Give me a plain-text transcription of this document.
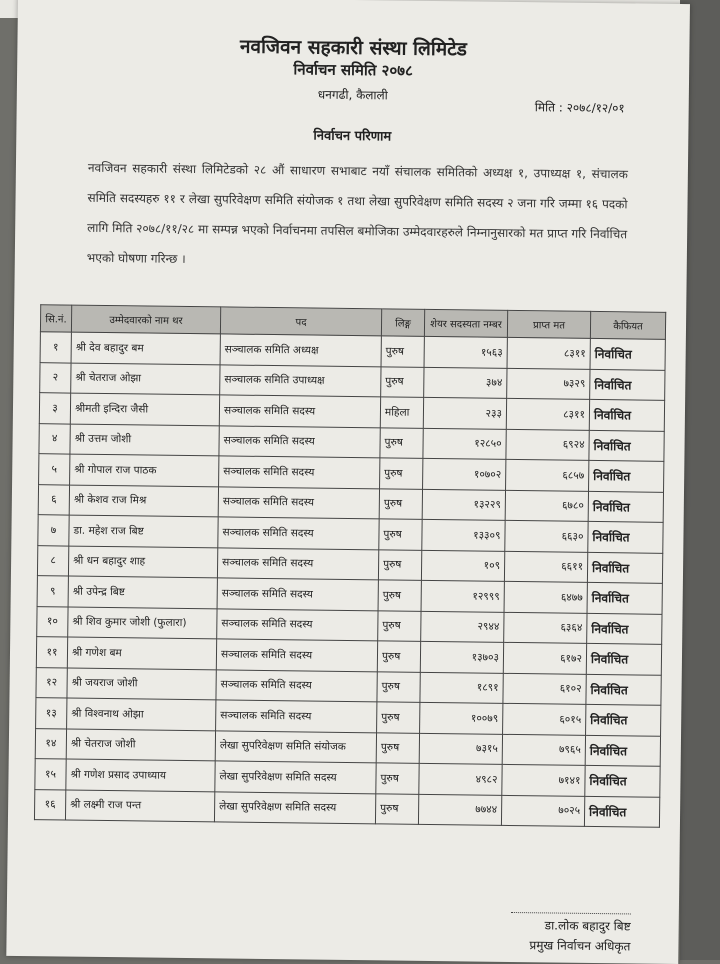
नवजिवन सहकारी संस्था लिमिटेड
निर्वाचन समिति २०७८
धनगढी, कैलाली
मिति : २०७८/१२/०१
निर्वाचन परिणाम
नवजिवन सहकारी संस्था लिमिटेडको २८ औं साधारण सभाबाट नयाँ संचालक समितिको अध्यक्ष १, उपाध्यक्ष १, संचालक समिति सदस्यहरु ११ र लेखा सुपरिवेक्षण समिति संयोजक १ तथा लेखा सुपरिवेक्षण समिति सदस्य २ जना गरि जम्मा १६ पदको लागि मिति २०७८/११/२८ मा सम्पन्न भएको निर्वाचनमा तपसिल बमोजिका उम्मेदवारहरुले निम्नानुसारको मत प्राप्त गरि निर्वाचित भएको घोषणा गरिन्छ ।
सि.नं.	उम्मेदवारको नाम थर	पद	लिङ्ग	शेयर सदस्यता नम्बर	प्राप्त मत	कैफियत
१	श्री देव बहादुर बम	सञ्चालक समिति अध्यक्ष	पुरुष	१५६३	८३११	निर्वाचित
२	श्री चेतराज ओझा	सञ्चालक समिति उपाध्यक्ष	पुरुष	३७४	७३२९	निर्वाचित
३	श्रीमती इन्दिरा जैसी	सञ्चालक समिति सदस्य	महिला	२३३	८३११	निर्वाचित
४	श्री उत्तम जोशी	सञ्चालक समिति सदस्य	पुरुष	१२८५०	६९२४	निर्वाचित
५	श्री गोपाल राज पाठक	सञ्चालक समिति सदस्य	पुरुष	१०७०२	६८५७	निर्वाचित
६	श्री केशव राज मिश्र	सञ्चालक समिति सदस्य	पुरुष	१३२२९	६७८०	निर्वाचित
७	डा. महेश राज बिष्ट	सञ्चालक समिति सदस्य	पुरुष	१३३०९	६६३०	निर्वाचित
८	श्री धन बहादुर शाह	सञ्चालक समिति सदस्य	पुरुष	१०९	६६११	निर्वाचित
९	श्री उपेन्द्र बिष्ट	सञ्चालक समिति सदस्य	पुरुष	१२९९९	६४७७	निर्वाचित
१०	श्री शिव कुमार जोशी (फुलारा)	सञ्चालक समिति सदस्य	पुरुष	२९४४	६३६४	निर्वाचित
११	श्री गणेश बम	सञ्चालक समिति सदस्य	पुरुष	१३७०३	६१७२	निर्वाचित
१२	श्री जयराज जोशी	सञ्चालक समिति सदस्य	पुरुष	१८९१	६१०२	निर्वाचित
१३	श्री विश्वनाथ ओझा	सञ्चालक समिति सदस्य	पुरुष	१००७९	६०१५	निर्वाचित
१४	श्री चेतराज जोशी	लेखा सुपरिवेक्षण समिति संयोजक	पुरुष	७३१५	७९६५	निर्वाचित
१५	श्री गणेश प्रसाद उपाध्याय	लेखा सुपरिवेक्षण समिति सदस्य	पुरुष	४९८२	७१४१	निर्वाचित
१६	श्री लक्ष्मी राज पन्त	लेखा सुपरिवेक्षण समिति सदस्य	पुरुष	७७४४	७०२५	निर्वाचित
डा.लोक बहादुर बिष्ट
प्रमुख निर्वाचन अधिकृत
